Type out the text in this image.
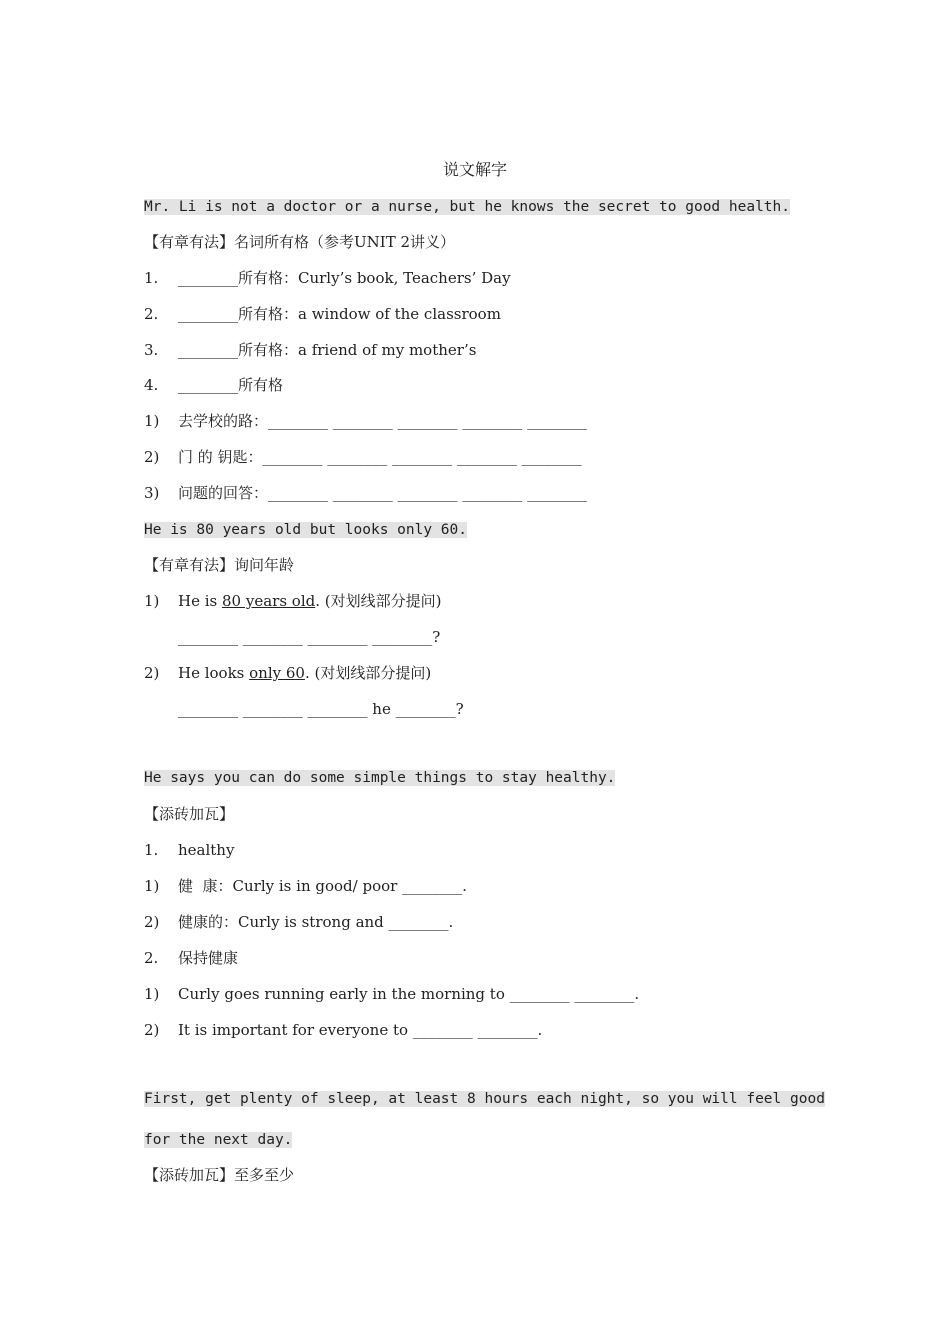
说文解字
Mr. Li is not a doctor or a nurse, but he knows the secret to good health.
【有章有法】名词所有格（参考UNIT 2讲义）
1. ________所有格：Curly’s book, Teachers’ Day
2. ________所有格：a window of the classroom
3. ________所有格：a friend of my mother’s
4. ________所有格
1) 去学校的路：________ ________ ________ ________ ________
2) 门 的 钥匙：________ ________ ________ ________ ________
3) 问题的回答：________ ________ ________ ________ ________
He is 80 years old but looks only 60.
【有章有法】询问年龄
1) He is 80 years old. (对划线部分提问)
________ ________ ________ ________?
2) He looks only 60. (对划线部分提问)
________ ________ ________ he ________?
He says you can do some simple things to stay healthy.
【添砖加瓦】
1. healthy
1) 健  康：Curly is in good/ poor ________.
2) 健康的：Curly is strong and ________.
2. 保持健康
1) Curly goes running early in the morning to ________ ________.
2) It is important for everyone to ________ ________.
First, get plenty of sleep, at least 8 hours each night, so you will feel good
for the next day.
【添砖加瓦】至多至少
